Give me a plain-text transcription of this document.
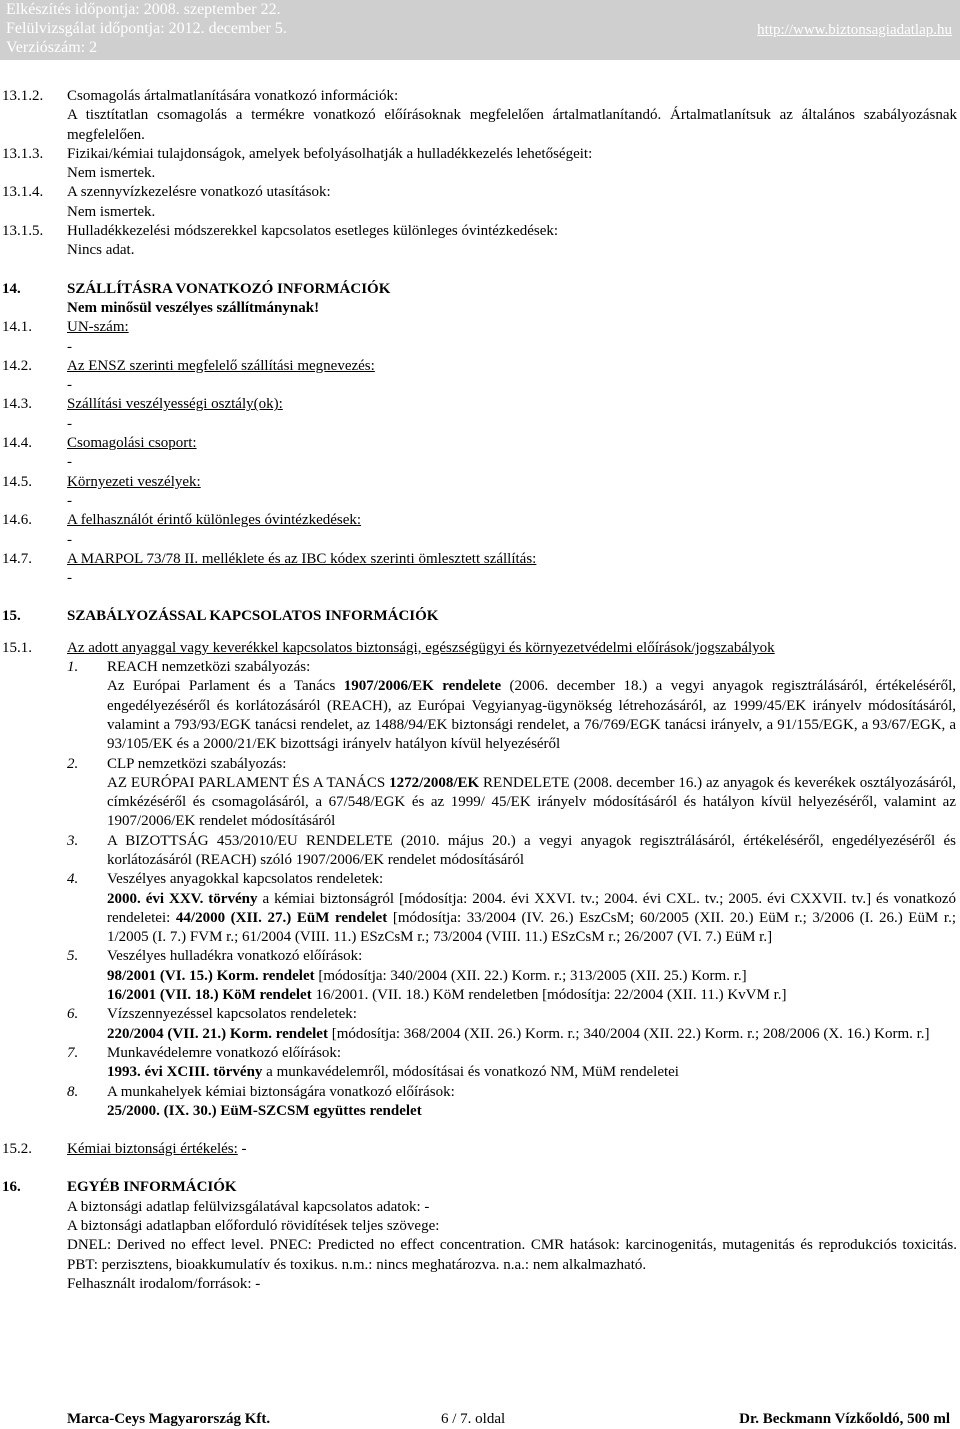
Elkészítés időpontja: 2008. szeptember 22.
Felülvizsgálat időpontja: 2012. december 5.
Verziószám: 2
http://www.biztonsagiadatlap.hu
13.1.2. Csomagolás ártalmatlanítására vonatkozó információk:
A tisztítatlan csomagolás a termékre vonatkozó előírásoknak megfelelően ártalmatlanítandó. Ártalmatlanítsuk az általános szabályozásnak megfelelően.
13.1.3. Fizikai/kémiai tulajdonságok, amelyek befolyásolhatják a hulladékkezelés lehetőségeit:
Nem ismertek.
13.1.4. A szennyvízkezelésre vonatkozó utasítások:
Nem ismertek.
13.1.5. Hulladékkezelési módszerekkel kapcsolatos esetleges különleges óvintézkedések:
Nincs adat.
14.	SZÁLLÍTÁSRA VONATKOZÓ INFORMÁCIÓK
Nem minősül veszélyes szállítmánynak!
14.1. UN-szám:
-
14.2. Az ENSZ szerinti megfelelő szállítási megnevezés:
-
14.3. Szállítási veszélyességi osztály(ok):
-
14.4. Csomagolási csoport:
-
14.5. Környezeti veszélyek:
-
14.6. A felhasználót érintő különleges óvintézkedések:
-
14.7. A MARPOL 73/78 II. melléklete és az IBC kódex szerinti ömlesztett szállítás:
-
15.	SZABÁLYOZÁSSAL KAPCSOLATOS INFORMÁCIÓK
15.1. Az adott anyaggal vagy keverékkel kapcsolatos biztonsági, egészségügyi és környezetvédelmi előírások/jogszabályok
1. REACH nemzetközi szabályozás:
Az Európai Parlament és a Tanács 1907/2006/EK rendelete (2006. december 18.) a vegyi anyagok regisztrálásáról, értékeléséről, engedélyezéséről és korlátozásáról (REACH), az Európai Vegyianyag-ügynökség létrehozásáról, az 1999/45/EK irányelv módosításáról, valamint a 793/93/EGK tanácsi rendelet, az 1488/94/EK biztonsági rendelet, a 76/769/EGK tanácsi irányelv, a 91/155/EGK, a 93/67/EGK, a 93/105/EK és a 2000/21/EK bizottsági irányelv hatályon kívül helyezéséről
2. CLP nemzetközi szabályozás:
AZ EURÓPAI PARLAMENT ÉS A TANÁCS 1272/2008/EK RENDELETE (2008. december 16.) az anyagok és keverékek osztályozásáról, címkézéséről és csomagolásáról, a 67/548/EGK és az 1999/ 45/EK irányelv módosításáról és hatályon kívül helyezéséről, valamint az 1907/2006/EK rendelet módosításáról
3. A BIZOTTSÁG 453/2010/EU RENDELETE (2010. május 20.) a vegyi anyagok regisztrálásáról, értékeléséről, engedélyezéséről és korlátozásáról (REACH) szóló 1907/2006/EK rendelet módosításáról
4. Veszélyes anyagokkal kapcsolatos rendeletek:
2000. évi XXV. törvény a kémiai biztonságról [módosítja: 2004. évi XXVI. tv.; 2004. évi CXL. tv.; 2005. évi CXXVII. tv.] és vonatkozó rendeletei: 44/2000 (XII. 27.) EüM rendelet [módosítja: 33/2004 (IV. 26.) EszCsM; 60/2005 (XII. 20.) EüM r.; 3/2006 (I. 26.) EüM r.; 1/2005 (I. 7.) FVM r.; 61/2004 (VIII. 11.) ESzCsM r.; 73/2004 (VIII. 11.) ESzCsM r.; 26/2007 (VI. 7.) EüM r.]
5. Veszélyes hulladékra vonatkozó előírások:
98/2001 (VI. 15.) Korm. rendelet [módosítja: 340/2004 (XII. 22.) Korm. r.; 313/2005 (XII. 25.) Korm. r.]
16/2001 (VII. 18.) KöM rendelet 16/2001. (VII. 18.) KöM rendeletben [módosítja: 22/2004 (XII. 11.) KvVM r.]
6. Vízszennyezéssel kapcsolatos rendeletek:
220/2004 (VII. 21.) Korm. rendelet [módosítja: 368/2004 (XII. 26.) Korm. r.; 340/2004 (XII. 22.) Korm. r.; 208/2006 (X. 16.) Korm. r.]
7. Munkavédelemre vonatkozó előírások:
1993. évi XCIII. törvény a munkavédelemről, módosításai és vonatkozó NM, MüM rendeletei
8. A munkahelyek kémiai biztonságára vonatkozó előírások:
25/2000. (IX. 30.) EüM-SZCSM együttes rendelet
15.2. Kémiai biztonsági értékelés: -
16.	EGYÉB INFORMÁCIÓK
A biztonsági adatlap felülvizsgálatával kapcsolatos adatok: -
A biztonsági adatlapban előforduló rövidítések teljes szövege:
DNEL: Derived no effect level. PNEC: Predicted no effect concentration. CMR hatások: karcinogenitás, mutagenitás és reprodukciós toxicitás. PBT: perzisztens, bioakkumulatív és toxikus. n.m.: nincs meghatározva. n.a.: nem alkalmazható.
Felhasznált irodalom/források: -
Marca-Ceys Magyarország Kft.	6 / 7. oldal	Dr. Beckmann Vízkőoldó, 500 ml
